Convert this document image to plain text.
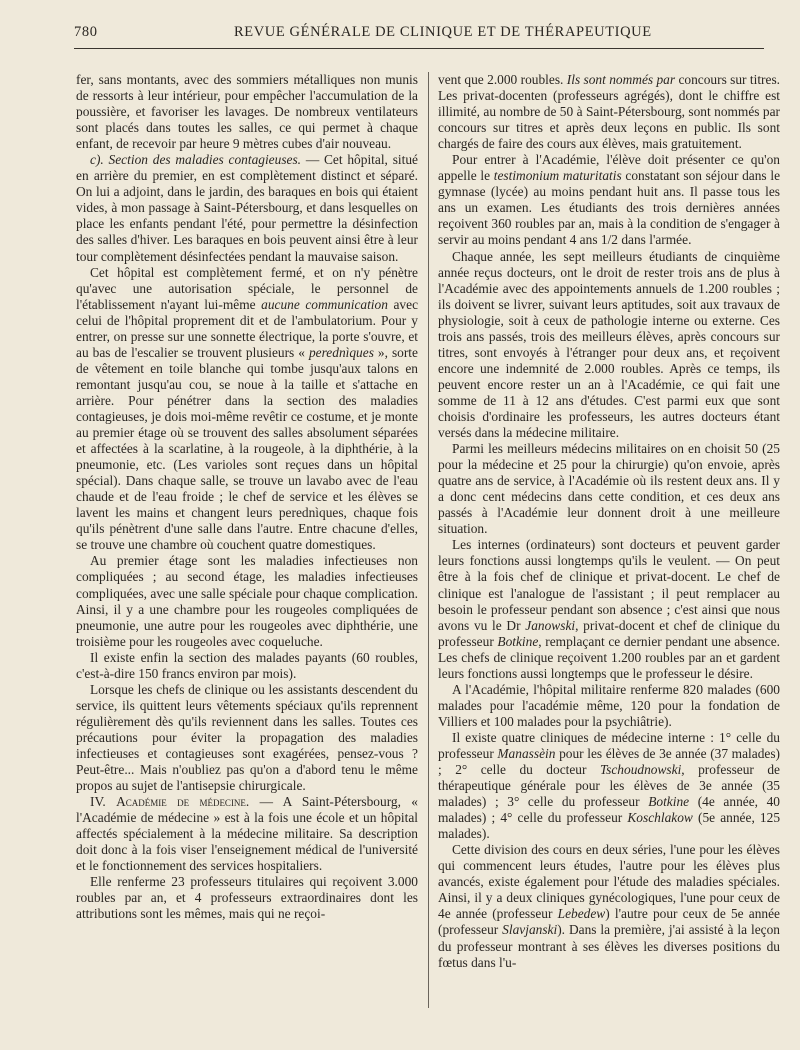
780	REVUE GÉNÉRALE DE CLINIQUE ET DE THÉRAPEUTIQUE

fer, sans montants, avec des sommiers métalliques non munis de ressorts à leur intérieur, pour empêcher l'accumulation de la poussière, et favoriser les lavages. De nombreux ventilateurs sont placés dans toutes les salles, ce qui permet à chaque enfant, de recevoir par heure 9 mètres cubes d'air nouveau.

c). Section des maladies contagieuses. — Cet hôpital, situé en arrière du premier, en est complètement distinct et séparé. On lui a adjoint, dans le jardin, des baraques en bois qui étaient vides, à mon passage à Saint-Pétersbourg, et dans lesquelles on place les enfants pendant l'été, pour permettre la désinfection des salles d'hiver. Les baraques en bois peuvent ainsi être à leur tour complètement désinfectées pendant la mauvaise saison.

Cet hôpital est complètement fermé, et on n'y pénètre qu'avec une autorisation spéciale, le personnel de l'établissement n'ayant lui-même aucune communication avec celui de l'hôpital proprement dit et de l'ambulatorium. Pour y entrer, on presse sur une sonnette électrique, la porte s'ouvre, et au bas de l'escalier se trouvent plusieurs « perednìques », sorte de vêtement en toile blanche qui tombe jusqu'aux talons en remontant jusqu'au cou, se noue à la taille et s'attache en arrière. Pour pénétrer dans la section des maladies contagieuses, je dois moi-même revêtir ce costume, et je monte au premier étage où se trouvent des salles absolument séparées et affectées à la scarlatine, à la rougeole, à la diphthérie, à la pneumonie, etc. (Les varioles sont reçues dans un hôpital spécial). Dans chaque salle, se trouve un lavabo avec de l'eau chaude et de l'eau froide ; le chef de service et les élèves se lavent les mains et changent leurs perednìques, chaque fois qu'ils pénètrent d'une salle dans l'autre. Entre chacune d'elles, se trouve une chambre où couchent quatre domestiques.

Au premier étage sont les maladies infectieuses non compliquées ; au second étage, les maladies infectieuses compliquées, avec une salle spéciale pour chaque complication. Ainsi, il y a une chambre pour les rougeoles compliquées de pneumonie, une autre pour les rougeoles avec diphthérie, une troisième pour les rougeoles avec coqueluche.

Il existe enfin la section des malades payants (60 roubles, c'est-à-dire 150 francs environ par mois).

Lorsque les chefs de clinique ou les assistants descendent du service, ils quittent leurs vêtements spéciaux qu'ils reprennent régulièrement dès qu'ils reviennent dans les salles. Toutes ces précautions pour éviter la propagation des maladies infectieuses et contagieuses sont exagérées, pensez-vous ? Peut-être... Mais n'oubliez pas qu'on a d'abord tenu le même propos au sujet de l'antisepsie chirurgicale.

IV. Académie de médecine. — A Saint-Pétersbourg, « l'Académie de médecine » est à la fois une école et un hôpital affectés spécialement à la médecine militaire. Sa description doit donc à la fois viser l'enseignement médical de l'université et le fonctionnement des services hospitaliers.

Elle renferme 23 professeurs titulaires qui reçoivent 3.000 roubles par an, et 4 professeurs extraordinaires dont les attributions sont les mêmes, mais qui ne reçoi-

vent que 2.000 roubles. Ils sont nommés par concours sur titres. Les privat-docenten (professeurs agrégés), dont le chiffre est illimité, au nombre de 50 à Saint-Pétersbourg, sont nommés par concours sur titres et après deux leçons en public. Ils sont chargés de faire des cours aux élèves, mais gratuitement.

Pour entrer à l'Académie, l'élève doit présenter ce qu'on appelle le testimonium maturitatis constatant son séjour dans le gymnase (lycée) au moins pendant huit ans. Il passe tous les ans un examen. Les étudiants des trois dernières années reçoivent 360 roubles par an, mais à la condition de s'engager à servir au moins pendant 4 ans 1/2 dans l'armée.

Chaque année, les sept meilleurs étudiants de cinquième année reçus docteurs, ont le droit de rester trois ans de plus à l'Académie avec des appointements annuels de 1.200 roubles ; ils doivent se livrer, suivant leurs aptitudes, soit aux travaux de physiologie, soit à ceux de pathologie interne ou externe. Ces trois ans passés, trois des meilleurs élèves, après concours sur titres, sont envoyés à l'étranger pour deux ans, et reçoivent encore une indemnité de 2.000 roubles. Après ce temps, ils peuvent encore rester un an à l'Académie, ce qui fait une somme de 11 à 12 ans d'études. C'est parmi eux que sont choisis d'ordinaire les professeurs, les autres docteurs étant versés dans la médecine militaire.

Parmi les meilleurs médecins militaires on en choisit 50 (25 pour la médecine et 25 pour la chirurgie) qu'on envoie, après quatre ans de service, à l'Académie où ils restent deux ans. Il y a donc cent médecins dans cette condition, et ces deux ans passés à l'Académie leur donnent droit à une meilleure situation.

Les internes (ordinateurs) sont docteurs et peuvent garder leurs fonctions aussi longtemps qu'ils le veulent. — On peut être à la fois chef de clinique et privat-docent. Le chef de clinique est l'analogue de l'assistant ; il peut remplacer au besoin le professeur pendant son absence ; c'est ainsi que nous avons vu le Dr Janowski, privat-docent et chef de clinique du professeur Botkine, remplaçant ce dernier pendant une absence. Les chefs de clinique reçoivent 1.200 roubles par an et gardent leurs fonctions aussi longtemps que le professeur le désire.

A l'Académie, l'hôpital militaire renferme 820 malades (600 malades pour l'académie même, 120 pour la fondation de Villiers et 100 malades pour la psychiâtrie).

Il existe quatre cliniques de médecine interne : 1° celle du professeur Manassèin pour les élèves de 3e année (37 malades) ; 2° celle du docteur Tschoudnowski, professeur de thérapeutique générale pour les élèves de 3e année (35 malades) ; 3° celle du professeur Botkine (4e année, 40 malades) ; 4° celle du professeur Koschlakow (5e année, 125 malades).

Cette division des cours en deux séries, l'une pour les élèves qui commencent leurs études, l'autre pour les élèves plus avancés, existe également pour l'étude des maladies spéciales. Ainsi, il y a deux cliniques gynécologiques, l'une pour ceux de 4e année (professeur Lebedew) l'autre pour ceux de 5e année (professeur Slavjanski). Dans la première, j'ai assisté à la leçon du professeur montrant à ses élèves les diverses positions du fœtus dans l'u-
